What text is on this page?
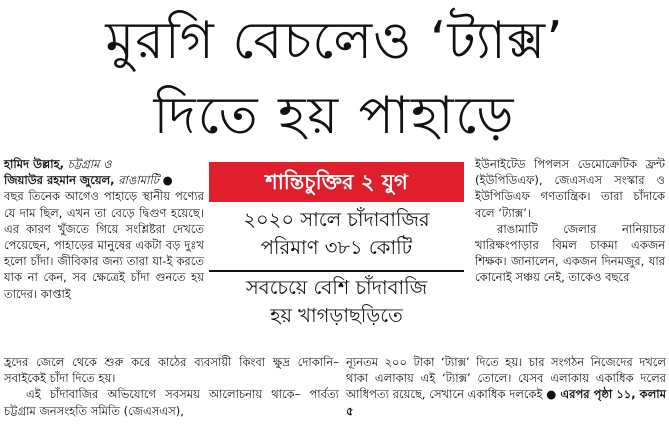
মুরগি বেচলেও ‘ট্যাক্স’
দিতে হয় পাহাড়ে
হামিদ উল্লাহ, চট্টগ্রাম ও
জিয়াউর রহমান জুয়েল, রাঙামাটি ●

বছর তিনেক আগেও পাহাড়ে স্থানীয় পণ্যের যে দাম ছিল, এখন তা বেড়ে দ্বিগুণ হয়েছে। এর কারণ খুঁজতে গিয়ে সংশ্লিষ্টরা দেখতে পেয়েছেন, পাহাড়ের মানুষের একটা বড় দুঃখ হলো চাঁদা। জীবিকার জন্য তারা যা-ই করতে যাক না কেন, সব ক্ষেত্রেই চাঁদা গুনতে হয় তাদের। কাপ্তাই

শান্তিচুক্তির ২ যুগ
২০২০ সালে চাঁদাবাজির
পরিমাণ ৩৮১ কোটি
সবচেয়ে বেশি চাঁদাবাজি
হয় খাগড়াছড়িতে

ইউনাইটেড পিপলস ডেমোক্রেটিক ফ্রন্ট (ইউপিডিএফ), জেএসএস সংস্কার ও ইউপিডিএফ গণতান্ত্রিক। তারা চাঁদাকে বলে ‘ট্যাক্স’।

রাঙামাটি জেলার নানিয়াচর খারিক্ষংপাড়ার বিমল চাকমা একজন শিক্ষক। জানালেন, একজন দিনমজুর, যার কোনোই সঞ্চয় নেই, তাকেও বছরে

হ্রদের জেলে থেকে শুরু করে কাঠের ব্যবসায়ী কিংবা ক্ষুদ্র দোকানি– সবাইকেই চাঁদা দিতে হয়।

এই চাঁদাবাজির অভিযোগে সবসময় আলোচনায় থাকে– পার্বত্য চট্টগ্রাম জনসংহতি সমিতি (জেএসএস),

ন্যূনতম ২০০ টাকা ‘ট্যাক্স’ দিতে হয়। চার সংগঠন নিজেদের দখলে থাকা এলাকায় এই ‘ট্যাক্স’ তোলে। যেসব এলাকায় একাধিক দলের আধিপত্য রয়েছে, সেখানে একাধিক দলকেই ● এরপর পৃষ্ঠা ১১, কলাম ৫
